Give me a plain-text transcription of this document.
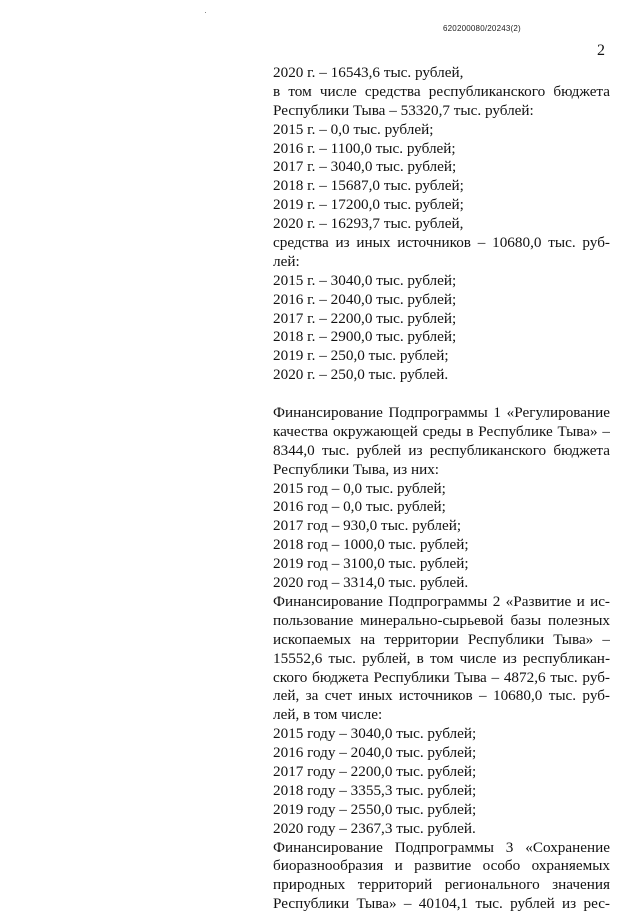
620200080/20243(2)
2
2020 г. – 16543,6 тыс. рублей,
в том числе средства республиканского бюджета
Республики Тыва – 53320,7 тыс. рублей:
2015 г. – 0,0 тыс. рублей;
2016 г. – 1100,0 тыс. рублей;
2017 г. – 3040,0 тыс. рублей;
2018 г. – 15687,0 тыс. рублей;
2019 г. – 17200,0 тыс. рублей;
2020 г. – 16293,7 тыс. рублей,
средства из иных источников – 10680,0 тыс. руб-
лей:
2015 г. – 3040,0 тыс. рублей;
2016 г. – 2040,0 тыс. рублей;
2017 г. – 2200,0 тыс. рублей;
2018 г. – 2900,0 тыс. рублей;
2019 г. – 250,0 тыс. рублей;
2020 г. – 250,0 тыс. рублей.
Финансирование Подпрограммы 1 «Регулирование
качества окружающей среды в Республике Тыва» –
8344,0 тыс. рублей из республиканского бюджета
Республики Тыва, из них:
2015 год – 0,0 тыс. рублей;
2016 год – 0,0 тыс. рублей;
2017 год – 930,0 тыс. рублей;
2018 год – 1000,0 тыс. рублей;
2019 год – 3100,0 тыс. рублей;
2020 год – 3314,0 тыс. рублей.
Финансирование Подпрограммы 2 «Развитие и ис-
пользование минерально-сырьевой базы полезных
ископаемых на территории Республики Тыва» –
15552,6 тыс. рублей, в том числе из республикан-
ского бюджета Республики Тыва – 4872,6 тыс. руб-
лей, за счет иных источников – 10680,0 тыс. руб-
лей, в том числе:
2015 году – 3040,0 тыс. рублей;
2016 году – 2040,0 тыс. рублей;
2017 году – 2200,0 тыс. рублей;
2018 году – 3355,3 тыс. рублей;
2019 году – 2550,0 тыс. рублей;
2020 году – 2367,3 тыс. рублей.
Финансирование Подпрограммы 3 «Сохранение
биоразнообразия и развитие особо охраняемых
природных территорий регионального значения
Республики Тыва» – 40104,1 тыс. рублей из рес-
